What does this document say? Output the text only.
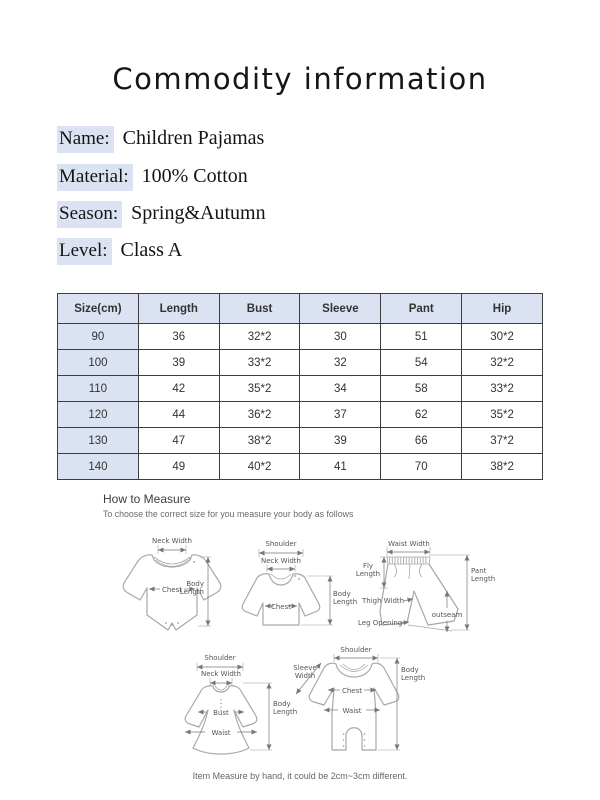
Commodity information
Name: Children Pajamas
Material: 100% Cotton
Season: Spring&Autumn
Level: Class A
Size(cm)	Length	Bust	Sleeve	Pant	Hip
90	36	32*2	30	51	30*2
100	39	33*2	32	54	32*2
110	42	35*2	34	58	33*2
120	44	36*2	37	62	35*2
130	47	38*2	39	66	37*2
140	49	40*2	41	70	38*2
How to Measure
To choose the correct size for you measure your body as follows
Neck Width
Chest
Body Length
Shoulder
Neck Width
Chest
Body Length
Waist Width
Fly Length	Pant Length
Thigh Width
outseam
Leg Opening
Shoulder
Neck Width
Bust
Waist
Body Length
Shoulder
Sleeve Width
Chest
Waist
Body Length
Item Measure by hand, it could be 2cm~3cm different.
